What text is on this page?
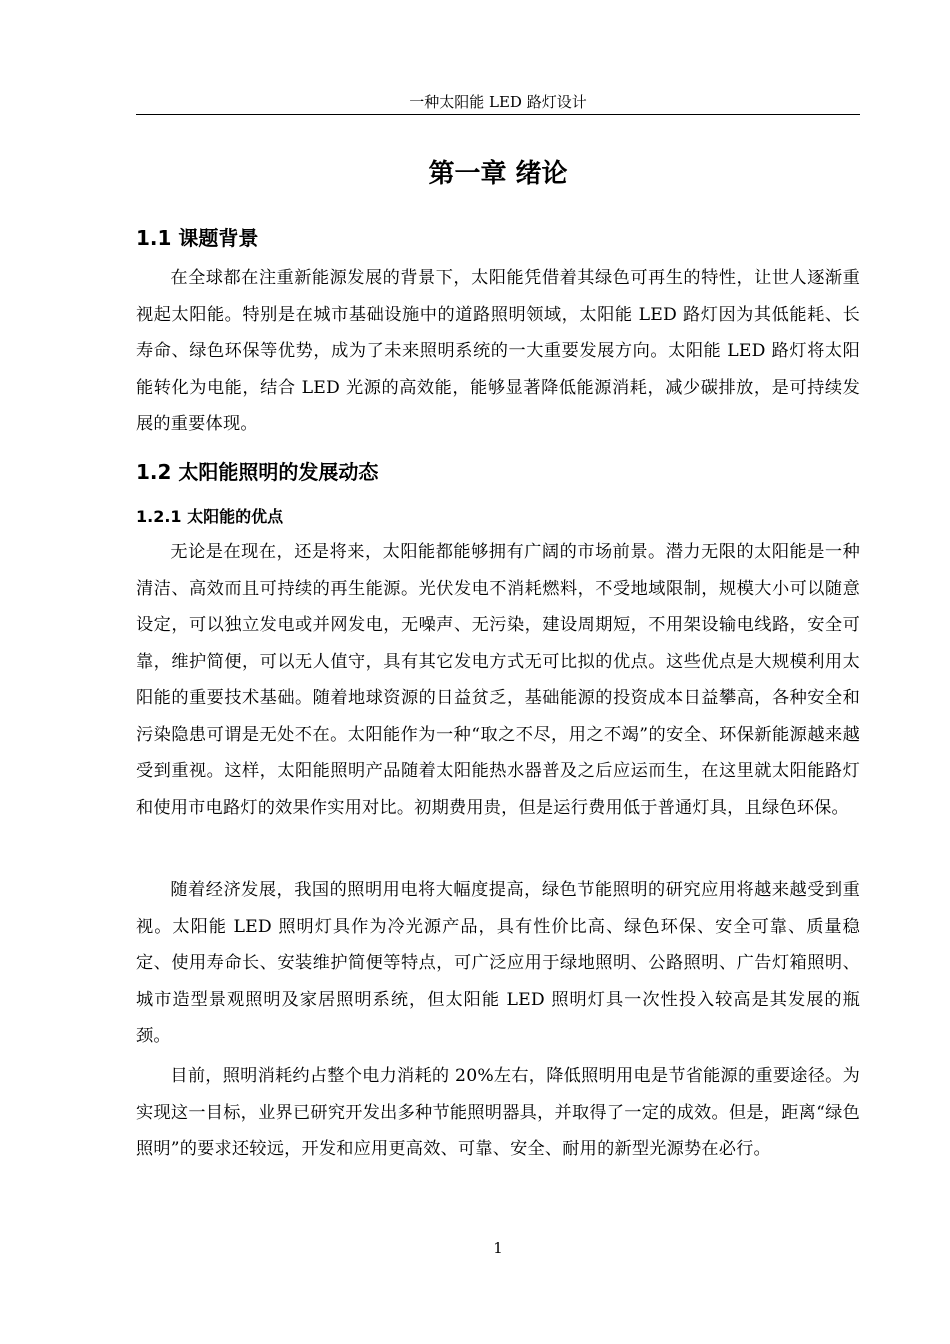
一种太阳能 LED 路灯设计
第一章 绪论
1.1 课题背景

在全球都在注重新能源发展的背景下，太阳能凭借着其绿色可再生的特性，让世人逐渐重视起太阳能。特别是在城市基础设施中的道路照明领域，太阳能 LED 路灯因为其低能耗、长寿命、绿色环保等优势，成为了未来照明系统的一大重要发展方向。太阳能 LED 路灯将太阳能转化为电能，结合 LED 光源的高效能，能够显著降低能源消耗，减少碳排放，是可持续发展的重要体现。

1.2 太阳能照明的发展动态
1.2.1 太阳能的优点

无论是在现在，还是将来，太阳能都能够拥有广阔的市场前景。潜力无限的太阳能是一种清洁、高效而且可持续的再生能源。光伏发电不消耗燃料，不受地域限制，规模大小可以随意设定，可以独立发电或并网发电，无噪声、无污染，建设周期短，不用架设输电线路，安全可靠，维护简便，可以无人值守，具有其它发电方式无可比拟的优点。这些优点是大规模利用太阳能的重要技术基础。随着地球资源的日益贫乏，基础能源的投资成本日益攀高，各种安全和污染隐患可谓是无处不在。太阳能作为一种“取之不尽，用之不竭”的安全、环保新能源越来越受到重视。这样，太阳能照明产品随着太阳能热水器普及之后应运而生，在这里就太阳能路灯和使用市电路灯的效果作实用对比。初期费用贵，但是运行费用低于普通灯具，且绿色环保。

随着经济发展，我国的照明用电将大幅度提高，绿色节能照明的研究应用将越来越受到重视。太阳能 LED 照明灯具作为冷光源产品，具有性价比高、绿色环保、安全可靠、质量稳定、使用寿命长、安装维护简便等特点，可广泛应用于绿地照明、公路照明、广告灯箱照明、城市造型景观照明及家居照明系统，但太阳能 LED 照明灯具一次性投入较高是其发展的瓶颈。

目前，照明消耗约占整个电力消耗的 20%左右，降低照明用电是节省能源的重要途径。为实现这一目标，业界已研究开发出多种节能照明器具，并取得了一定的成效。但是，距离“绿色照明”的要求还较远，开发和应用更高效、可靠、安全、耐用的新型光源势在必行。

1
